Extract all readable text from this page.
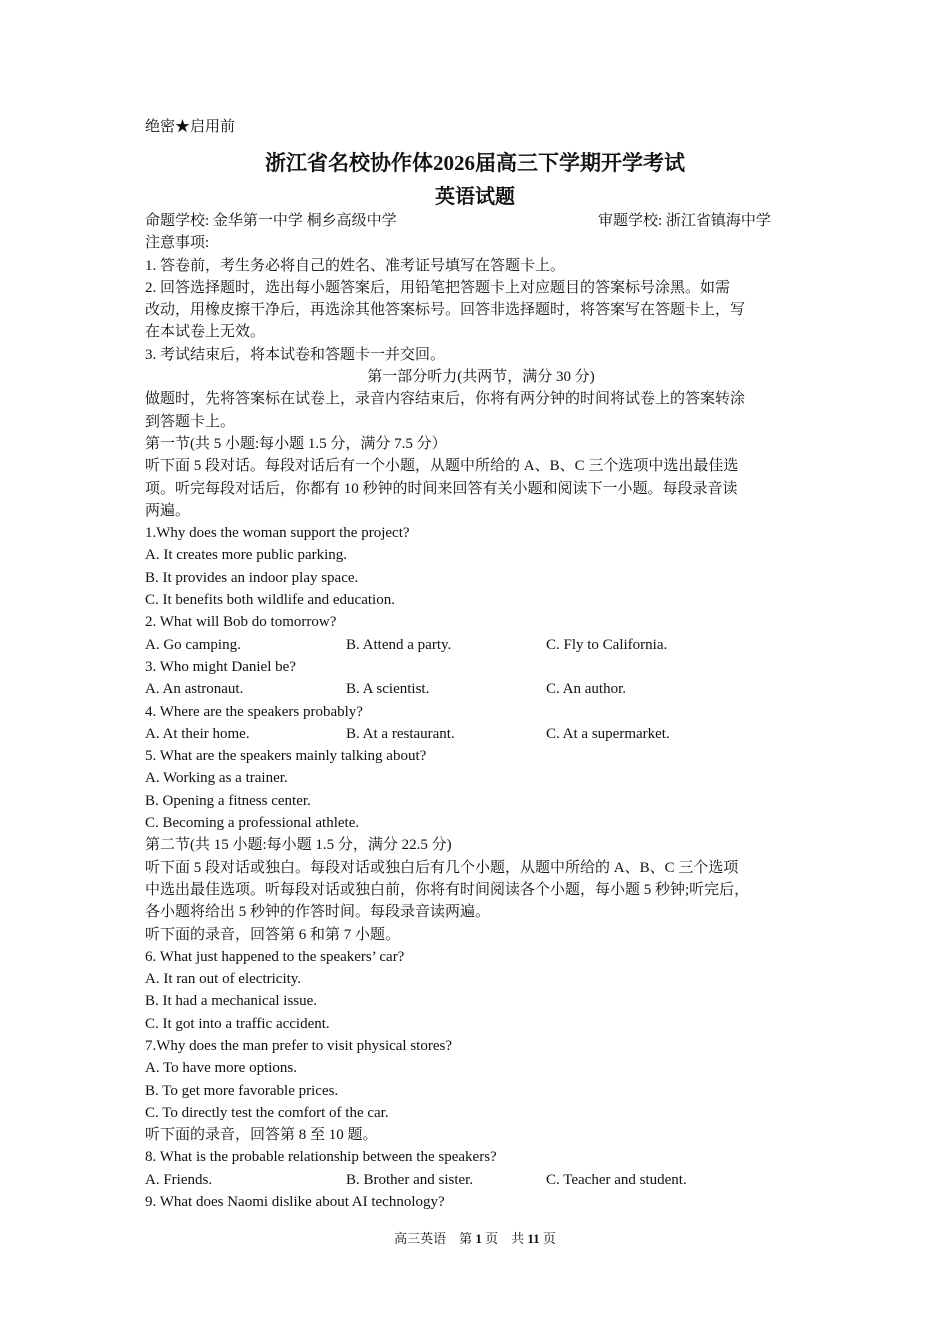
绝密★启用前
浙江省名校协作体2026届高三下学期开学考试
英语试题
命题学校: 金华第一中学 桐乡高级中学	审题学校: 浙江省镇海中学
注意事项:
1. 答卷前，考生务必将自己的姓名、准考证号填写在答题卡上。
2. 回答选择题时，选出每小题答案后，用铅笔把答题卡上对应题目的答案标号涂黑。如需
改动，用橡皮擦干净后，再选涂其他答案标号。回答非选择题时，将答案写在答题卡上，写
在本试卷上无效。
3. 考试结束后，将本试卷和答题卡一并交回。
第一部分听力(共两节，满分 30 分)
做题时，先将答案标在试卷上，录音内容结束后，你将有两分钟的时间将试卷上的答案转涂
到答题卡上。
第一节(共 5 小题:每小题 1.5 分，满分 7.5 分）
听下面 5 段对话。每段对话后有一个小题，从题中所给的 A、B、C 三个选项中选出最佳选
项。听完每段对话后，你都有 10 秒钟的时间来回答有关小题和阅读下一小题。每段录音读
两遍。
1.Why does the woman support the project?
A. It creates more public parking.
B. It provides an indoor play space.
C. It benefits both wildlife and education.
2. What will Bob do tomorrow?
A. Go camping.	B. Attend a party.	C. Fly to California.
3. Who might Daniel be?
A. An astronaut.	B. A scientist.	C. An author.
4. Where are the speakers probably?
A. At their home.	B. At a restaurant.	C. At a supermarket.
5. What are the speakers mainly talking about?
A. Working as a trainer.
B. Opening a fitness center.
C. Becoming a professional athlete.
第二节(共 15 小题:每小题 1.5 分，满分 22.5 分)
听下面 5 段对话或独白。每段对话或独白后有几个小题，从题中所给的 A、B、C 三个选项
中选出最佳选项。听每段对话或独白前，你将有时间阅读各个小题，每小题 5 秒钟;听完后，
各小题将给出 5 秒钟的作答时间。每段录音读两遍。
听下面的录音，回答第 6 和第 7 小题。
6. What just happened to the speakers’ car?
A. It ran out of electricity.
B. It had a mechanical issue.
C. It got into a traffic accident.
7.Why does the man prefer to visit physical stores?
A. To have more options.
B. To get more favorable prices.
C. To directly test the comfort of the car.
听下面的录音，回答第 8 至 10 题。
8. What is the probable relationship between the speakers?
A. Friends.	B. Brother and sister.	C. Teacher and student.
9. What does Naomi dislike about AI technology?
高三英语 第 1 页 共 11 页
